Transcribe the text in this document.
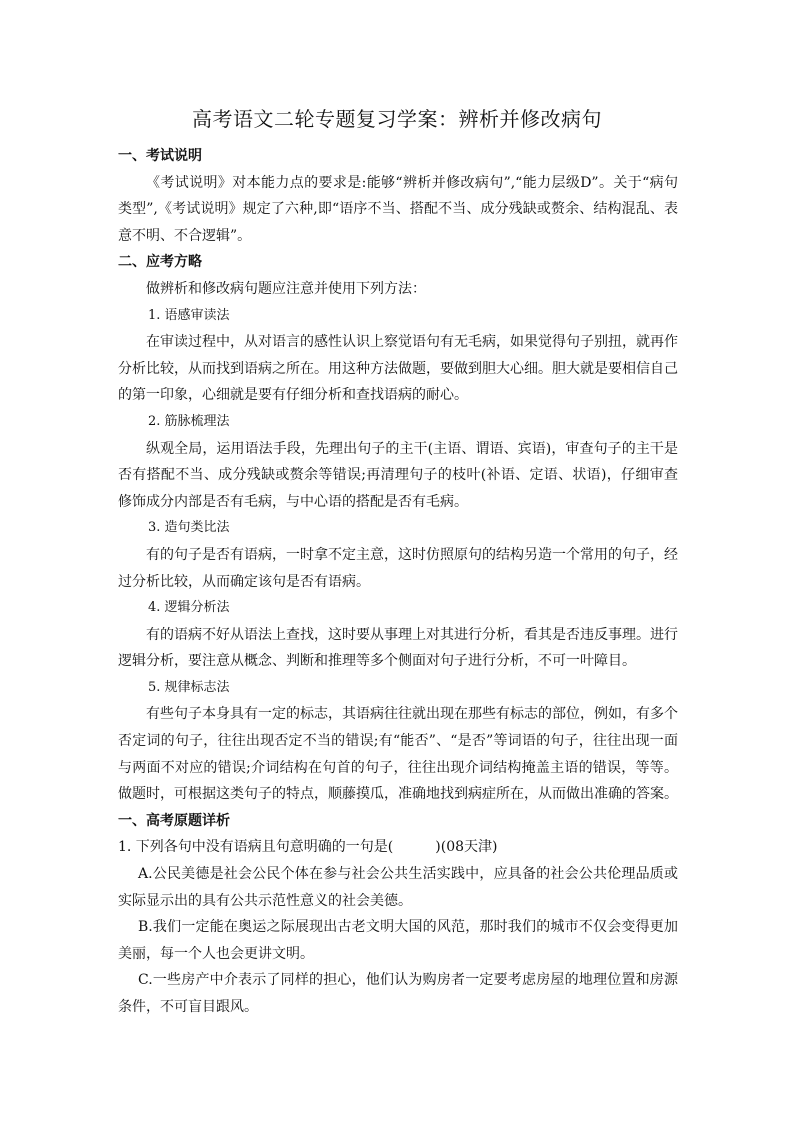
高考语文二轮专题复习学案：辨析并修改病句

一、考试说明

《考试说明》对本能力点的要求是:能够“辨析并修改病句”,“能力层级D”。关于“病句类型”,《考试说明》规定了六种,即“语序不当、搭配不当、成分残缺或赘余、结构混乱、表意不明、不合逻辑”。

二、应考方略

做辨析和修改病句题应注意并使用下列方法：

1. 语感审读法

在审读过程中，从对语言的感性认识上察觉语句有无毛病，如果觉得句子别扭，就再作分析比较，从而找到语病之所在。用这种方法做题，要做到胆大心细。胆大就是要相信自己的第一印象，心细就是要有仔细分析和查找语病的耐心。

2. 筋脉梳理法

纵观全局，运用语法手段，先理出句子的主干(主语、谓语、宾语)，审查句子的主干是否有搭配不当、成分残缺或赘余等错误;再清理句子的枝叶(补语、定语、状语)，仔细审查修饰成分内部是否有毛病，与中心语的搭配是否有毛病。

3. 造句类比法

有的句子是否有语病，一时拿不定主意，这时仿照原句的结构另造一个常用的句子，经过分析比较，从而确定该句是否有语病。

4. 逻辑分析法

有的语病不好从语法上查找，这时要从事理上对其进行分析，看其是否违反事理。进行逻辑分析，要注意从概念、判断和推理等多个侧面对句子进行分析，不可一叶障目。

5. 规律标志法

有些句子本身具有一定的标志，其语病往往就出现在那些有标志的部位，例如，有多个否定词的句子，往往出现否定不当的错误;有“能否”、“是否”等词语的句子，往往出现一面与两面不对应的错误;介词结构在句首的句子，往往出现介词结构掩盖主语的错误，等等。做题时，可根据这类句子的特点，顺藤摸瓜，准确地找到病症所在，从而做出准确的答案。

一、高考原题详析

1. 下列各句中没有语病且句意明确的一句是(　　　)(08天津)

A.公民美德是社会公民个体在参与社会公共生活实践中，应具备的社会公共伦理品质或实际显示出的具有公共示范性意义的社会美德。

B.我们一定能在奥运之际展现出古老文明大国的风范，那时我们的城市不仅会变得更加美丽，每一个人也会更讲文明。

C.一些房产中介表示了同样的担心，他们认为购房者一定要考虑房屋的地理位置和房源条件，不可盲目跟风。
